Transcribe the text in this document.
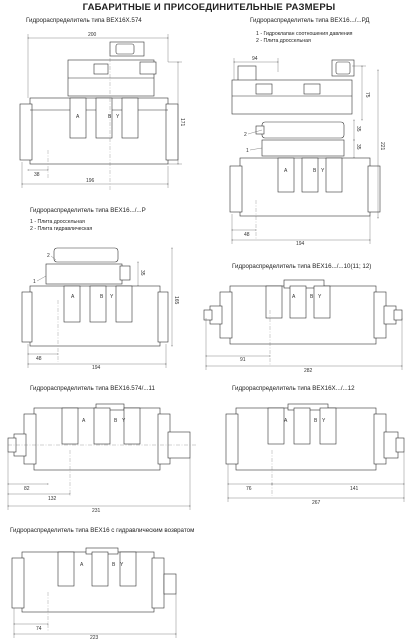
ГАБАРИТНЫЕ И ПРИСОЕДИНИТЕЛЬНЫЕ РАЗМЕРЫ
Гидрораспределитель типа ВЕХ16Х.574
200
171
38
196
Гидрораспределитель типа ВЕХ16.../...РД
1 - Гидроклапан соотношения давления
2 - Плита дроссельная
94
75
2
35
1
35
A	B Y
221
48
194
Гидрораспределитель типа ВЕХ16.../...Р
1 - Плита дроссельная
2 - Плита гидравлическая
2
1
35
A	B Y	165
48
194
Гидрораспределитель типа ВЕХ16.../...10(11; 12)
A	B Y
91
282
Гидрораспределитель типа ВЕХ16.574/...11
A	B Y
82
132
231
Гидрораспределитель типа ВЕХ16Х.../...12
A	B Y
76	141
267
Гидрораспределитель типа ВЕХ16 с гидравлическим возвратом
A	B Y
74
223
A	B Y
